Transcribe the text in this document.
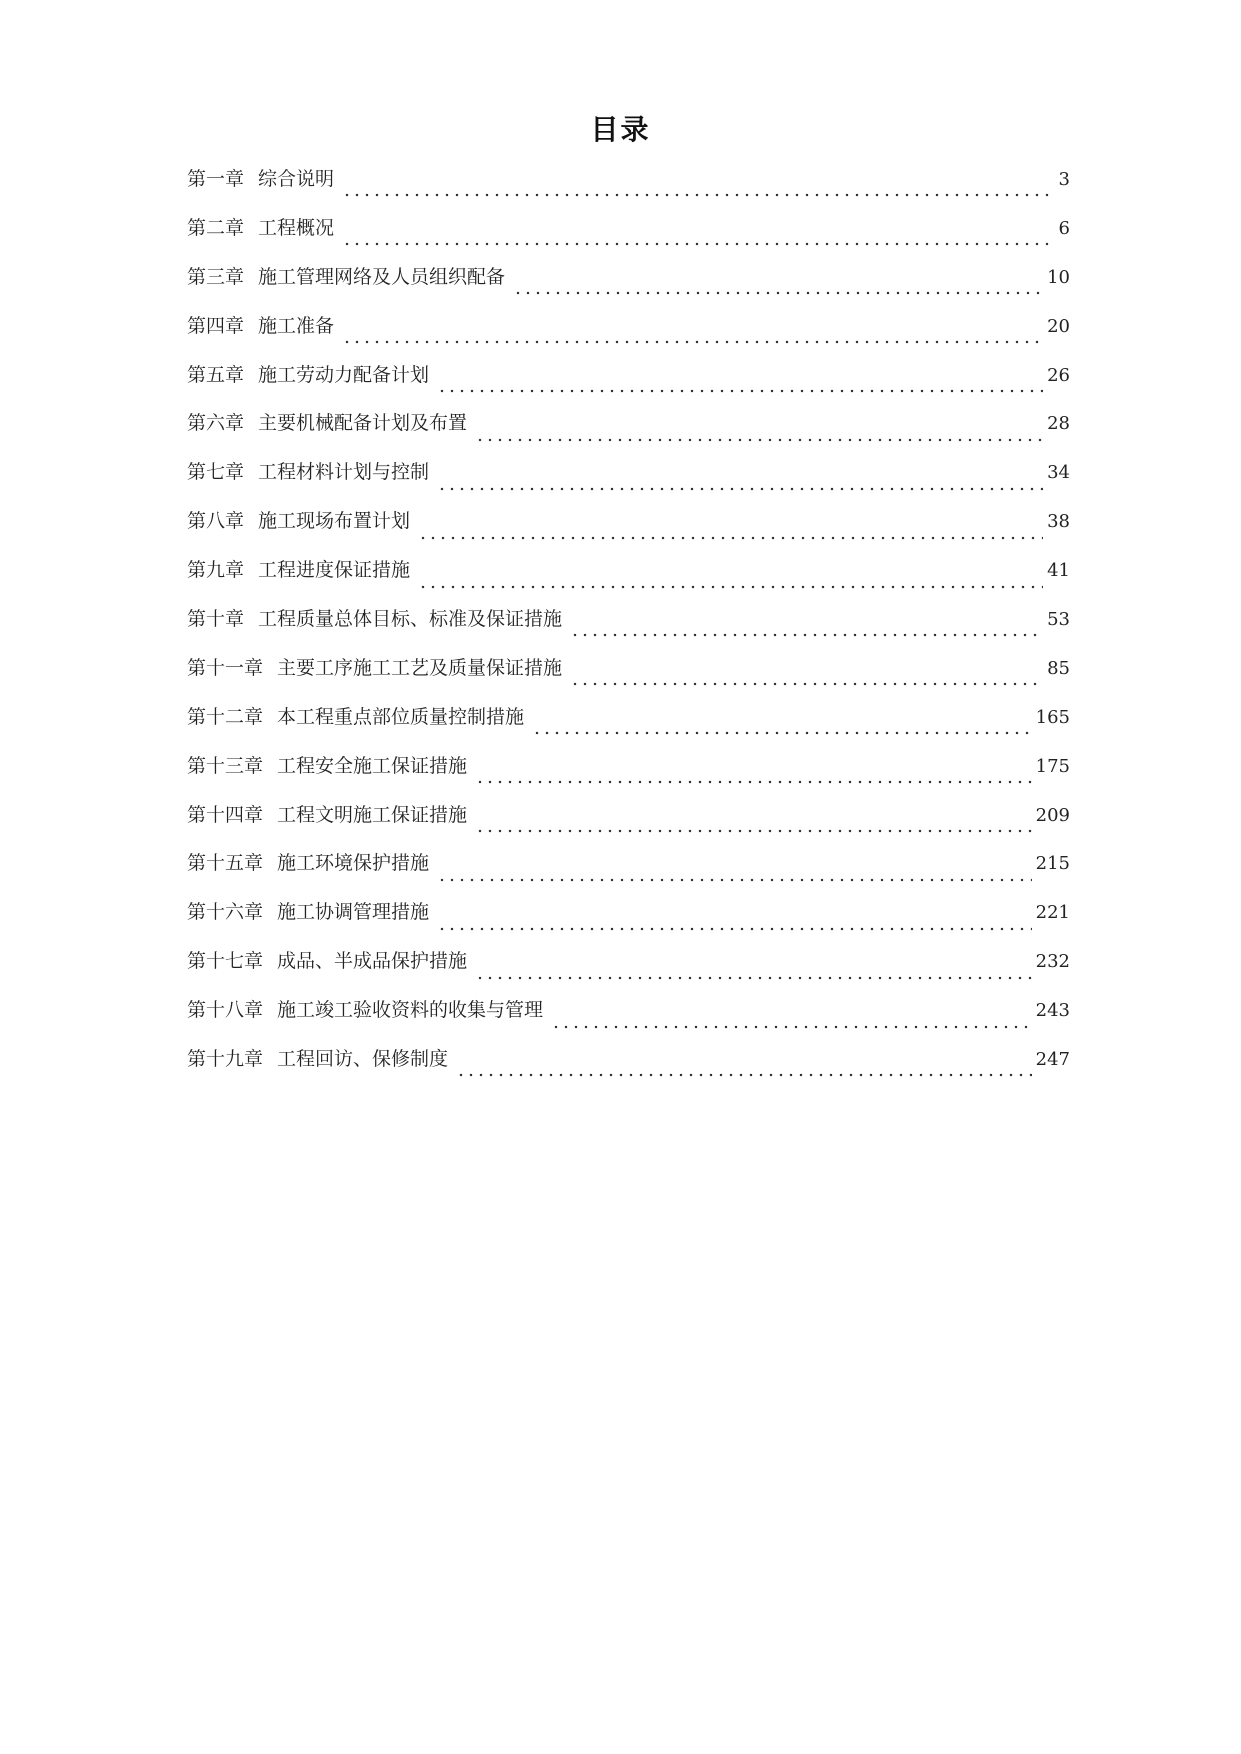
目录
第一章 综合说明	3
第二章 工程概况	6
第三章 施工管理网络及人员组织配备	10
第四章 施工准备	20
第五章 施工劳动力配备计划	26
第六章 主要机械配备计划及布置	28
第七章 工程材料计划与控制	34
第八章 施工现场布置计划	38
第九章 工程进度保证措施	41
第十章 工程质量总体目标、标准及保证措施	53
第十一章 主要工序施工工艺及质量保证措施	85
第十二章 本工程重点部位质量控制措施	165
第十三章 工程安全施工保证措施	175
第十四章 工程文明施工保证措施	209
第十五章 施工环境保护措施	215
第十六章 施工协调管理措施	221
第十七章 成品、半成品保护措施	232
第十八章 施工竣工验收资料的收集与管理	243
第十九章 工程回访、保修制度	247
